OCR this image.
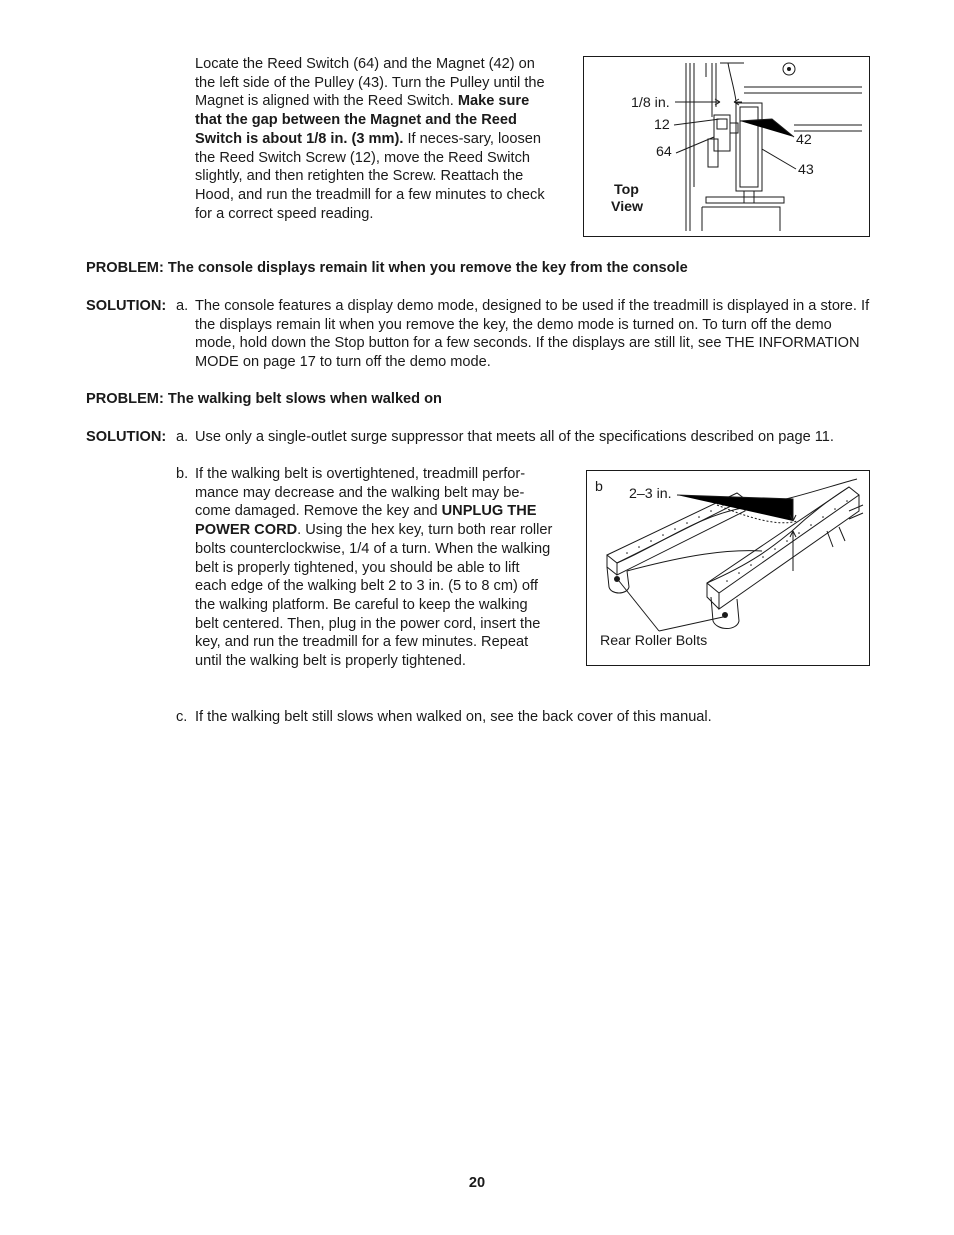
Locate the Reed Switch (64) and the Magnet (42) on the left side of the Pulley (43). Turn the Pulley until the Magnet is aligned with the Reed Switch. Make sure that the gap between the Magnet and the Reed Switch is about 1/8 in. (3 mm). If neces-sary, loosen the Reed Switch Screw (12), move the Reed Switch slightly, and then retighten the Screw. Reattach the Hood, and run the treadmill for a few minutes to check for a correct speed reading.

1/8 in.
12
64
42
43
Top
View
PROBLEM: The console displays remain lit when you remove the key from the console
SOLUTION: a. The console features a display demo mode, designed to be used if the treadmill is displayed in a store. If the displays remain lit when you remove the key, the demo mode is turned on. To turn off the demo mode, hold down the Stop button for a few seconds. If the displays are still lit, see THE INFORMATION MODE on page 17 to turn off the demo mode.
PROBLEM: The walking belt slows when walked on
SOLUTION: a. Use only a single-outlet surge suppressor that meets all of the specifications described on page 11.
b. If the walking belt is overtightened, treadmill perfor-mance may decrease and the walking belt may be-come damaged. Remove the key and UNPLUG THE POWER CORD. Using the hex key, turn both rear roller bolts counterclockwise, 1/4 of a turn. When the walking belt is properly tightened, you should be able to lift each edge of the walking belt 2 to 3 in. (5 to 8 cm) off the walking platform. Be careful to keep the walking belt centered. Then, plug in the power cord, insert the key, and run the treadmill for a few minutes. Repeat until the walking belt is properly tightened.
b 2–3 in.
Rear Roller Bolts
c. If the walking belt still slows when walked on, see the back cover of this manual.
20
